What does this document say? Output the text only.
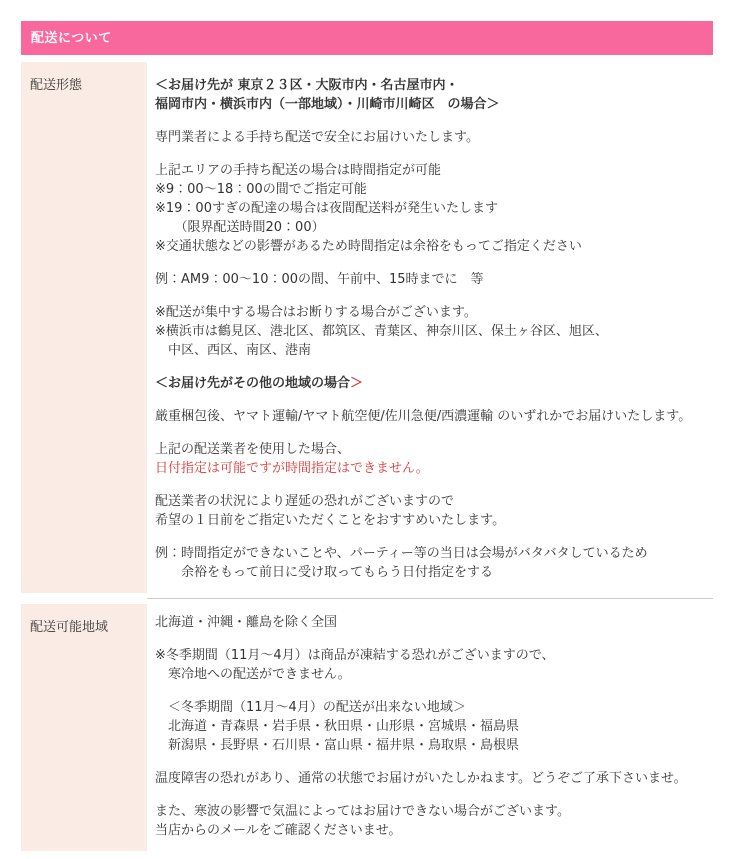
配送について
配送形態	＜お届け先が 東京２３区・大阪市内・名古屋市内・
福岡市内・横浜市内（一部地域）・川崎市川崎区　の場合＞
専門業者による手持ち配送で安全にお届けいたします。
上記エリアの手持ち配送の場合は時間指定が可能
※9：00～18：00の間でご指定可能
※19：00すぎの配達の場合は夜間配送料が発生いたします
　　（限界配送時間20：00）
※交通状態などの影響があるため時間指定は余裕をもってご指定ください
例：AM9：00～10：00の間、午前中、15時までに　等
※配送が集中する場合はお断りする場合がございます。
※横浜市は鶴見区、港北区、都筑区、青葉区、神奈川区、保土ヶ谷区、旭区、
　中区、西区、南区、港南
＜お届け先がその他の地域の場合＞
厳重梱包後、ヤマト運輸/ヤマト航空便/佐川急便/西濃運輸 のいずれかでお届けいたします。
上記の配送業者を使用した場合、
日付指定は可能ですが時間指定はできません。
配送業者の状況により遅延の恐れがございますので
希望の１日前をご指定いただくことをおすすめいたします。
例：時間指定ができないことや、パーティー等の当日は会場がバタバタしているため
　　余裕をもって前日に受け取ってもらう日付指定をする
配送可能地域	北海道・沖縄・離島を除く全国
※冬季期間（11月～4月）は商品が凍結する恐れがございますので、
　寒冷地への配送ができません。
　＜冬季期間（11月～4月）の配送が出来ない地域＞
　北海道・青森県・岩手県・秋田県・山形県・宮城県・福島県
　新潟県・長野県・石川県・富山県・福井県・鳥取県・島根県
温度障害の恐れがあり、通常の状態でお届けがいたしかねます。どうぞご了承下さいませ。
また、寒波の影響で気温によってはお届けできない場合がございます。
当店からのメールをご確認くださいませ。
